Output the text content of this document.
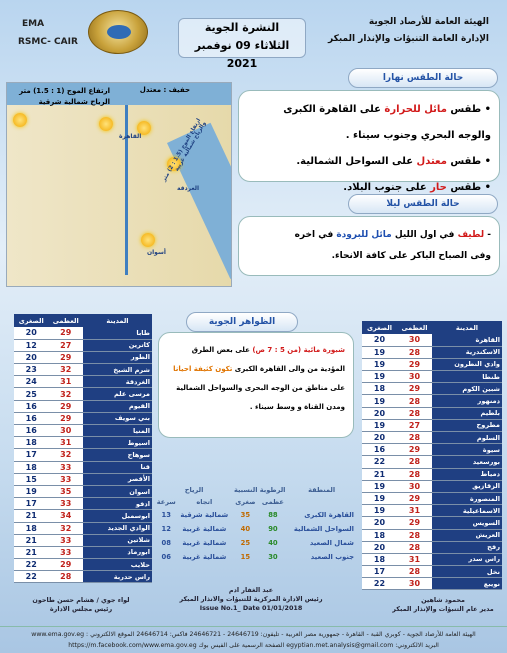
EMA
RSMC- CAIR
النشرة الجوية
الثلاثاء 09 نوفمبر 2021
الهيئة العامة للأرصاد الجوية
الإدارة العامة التنبؤات والإنذار المبكر
حالة الطقس نهارا
القاهرة
أسوان
الغردقة
ارتفاع الموج (1.5 : 2) متر والرياح شمالية غربية
ارتفاع الموج (1 : 1.5) متر
الرياح شمالية شرقية
حفيف : معتدل
• طقس مائل للحرارة على القاهرة الكبرى والوجه البحري وجنوب سيناء .
• طقس معتدل على السواحل الشمالية.
• طقس حار على جنوب البلاد.
حالة الطقس ليلا
- لطيف في اول الليل مائل للبرودة في اخره
وفى الصباح الباكر على كافة الانحاء.
الظواهر الجوية
شبورة مائية (من 5 : 7 ص) على بعض الطرق المؤدية من والى القاهرة الكبرى تكون كثيفة احيانا على مناطق من الوجه البحرى والسواحل الشمالية ومدن القناة و وسط سيناء .
المدينة	العظمى	الصغرى
القاهرة	30	20
الاسكندرية	28	19
وادي النطرون	29	19
طنطا	30	19
شبين الكوم	29	18
دمنهور	28	19
بلطيم	28	20
مطروح	27	19
السلوم	28	20
سيوة	29	16
بورسعيد	28	22
دمياط	28	21
الزقازيق	30	19
المنصورة	29	19
الاسماعيلية	31	19
السويس	29	20
العريش	28	18
رفح	28	20
راس سدر	31	18
نخل	28	17
نويبع	30	22
المدينة	العظمى	الصغرى
طابا	29	20
كاترين	27	12
الطور	29	20
شرم الشيخ	32	23
الغردقة	31	24
مرسى علم	32	25
الفيوم	29	16
بني سويف	29	16
المنيا	30	16
اسيوط	31	18
سوهاج	32	17
قنا	33	18
الأقصر	33	15
اسوان	35	19
ادفو	33	17
ابوسمبل	34	21
الوادي الجديد	32	18
شلاتين	33	21
ابورماد	33	21
حلايب	29	22
راس حدربة	28	22
المنطقة	الرطوبة النسبية		الرياح	
	عظمى	صغرى	اتجاه	سرعة
القاهرة الكبرى	88	35	شمالية شرقية	13
السواحل الشمالية	90	40	شمالية غربية	12
شمال الصعيد	40	25	شمالية غربية	08
جنوب الصعيد	30	15	شمالية غربية	06
محمود شاهين
مدير عام التنبؤات والإنذار المبكر
عبد الغفار ادم
رئيس الادارة المركزية للتنبؤات والانذار المبكر
Issue No.1_ Date 01/01/2018
لواء جوي / هشام حسن طاحون
رئيس مجلس الادارة
الهيئة العامة للأرصاد الجوية - كوبري القبة - القاهرة - جمهورية مصر العربية - تليفون: 24646719 - 24646721 فاكس: 24646714 الموقع الالكتروني : www.ema.gov.eg
البريد الالكتروني: egyptian.met.analysis@gmail.com الصفحة الرسمية على الفيس بوك https://m.facebook.com/www.ema.gov.eg
